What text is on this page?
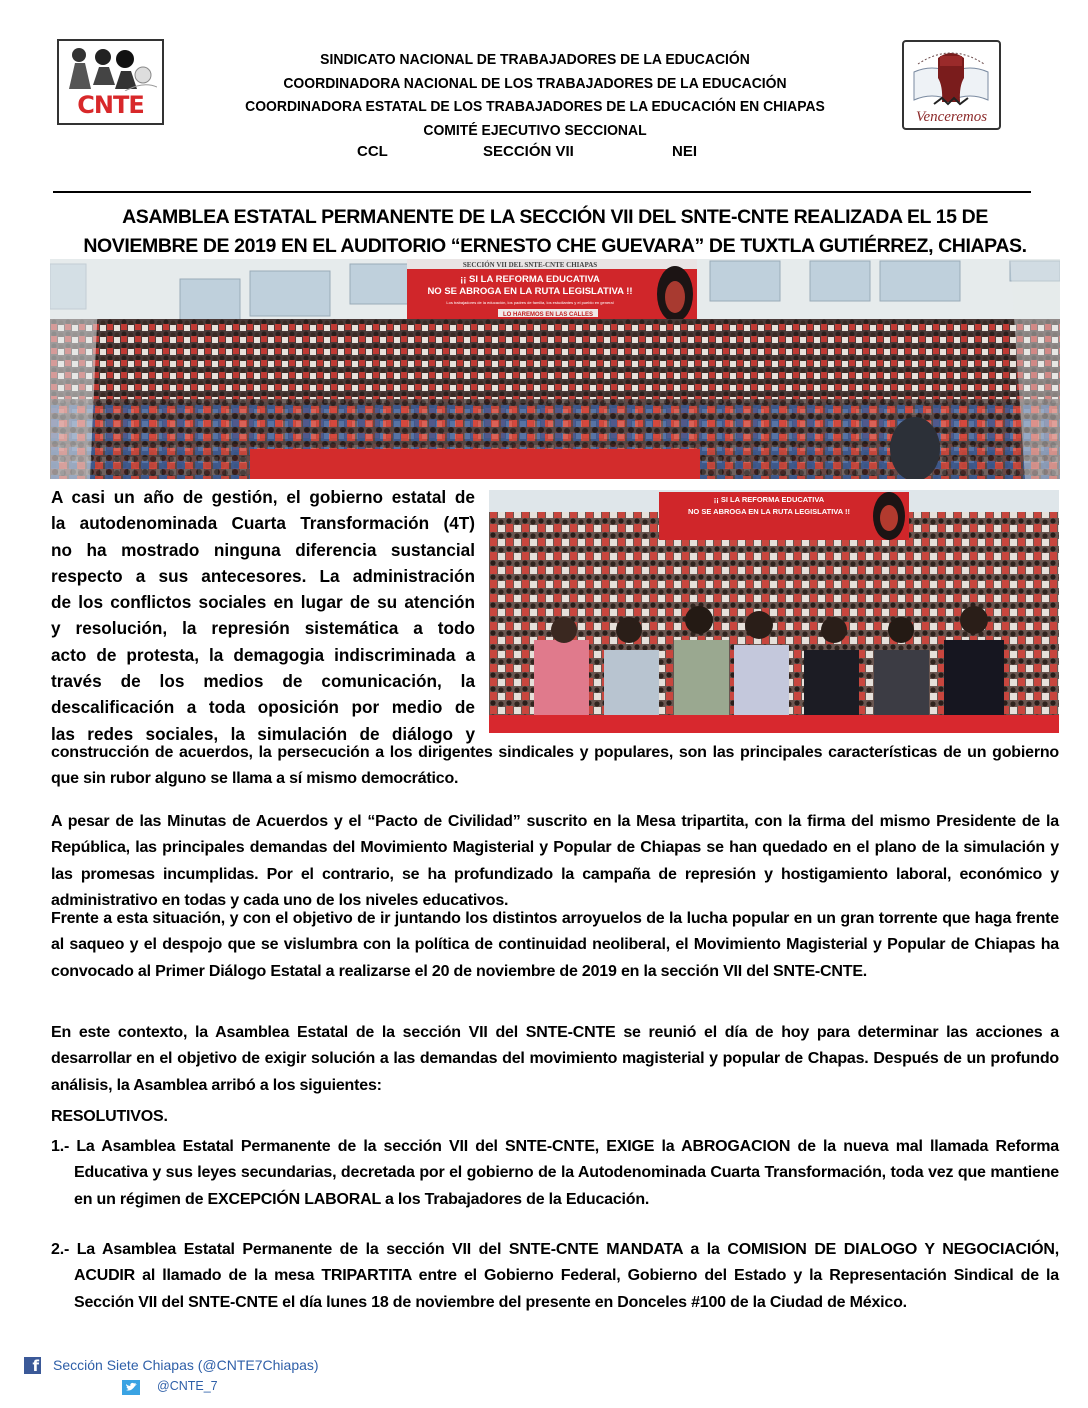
CNTE
SINDICATO NACIONAL DE TRABAJADORES DE LA EDUCACIÓN
COORDINADORA NACIONAL DE LOS TRABAJADORES DE LA EDUCACIÓN
COORDINADORA ESTATAL DE LOS TRABAJADORES DE LA EDUCACIÓN EN CHIAPAS
COMITÉ EJECUTIVO SECCIONAL
CCL	SECCIÓN VII	NEI
Venceremos
ASAMBLEA ESTATAL PERMANENTE DE LA SECCIÓN VII DEL SNTE-CNTE REALIZADA EL 15 DE
NOVIEMBRE DE 2019 EN EL AUDITORIO “ERNESTO CHE GUEVARA” DE TUXTLA GUTIÉRREZ, CHIAPAS.
SECCIÓN VII DEL SNTE-CNTE CHIAPAS
¡¡ SI LA REFORMA EDUCATIVA
NO SE ABROGA EN LA RUTA LEGISLATIVA !!
Los trabajadores de la educación, los padres de familia, los estudiantes y el pueblo en general
LO HAREMOS EN LAS CALLES
A casi un año de gestión, el gobierno estatal de
la autodenominada Cuarta Transformación (4T)
no ha mostrado ninguna diferencia sustancial
respecto a sus antecesores. La administración
de los conflictos sociales en lugar de su atención
y resolución, la represión sistemática a todo
acto de protesta, la demagogia indiscriminada a
través de los medios de comunicación, la
descalificación a toda oposición por medio de
las redes sociales, la simulación de diálogo y
¡¡ SI LA REFORMA EDUCATIVA
NO SE ABROGA EN LA RUTA LEGISLATIVA !!
construcción de acuerdos, la persecución a los dirigentes sindicales y populares, son las principales características de un gobierno que sin rubor alguno se llama a sí mismo democrático.
A pesar de las Minutas de Acuerdos y el “Pacto de Civilidad” suscrito en la Mesa tripartita, con la firma del mismo Presidente de la República, las principales demandas del Movimiento Magisterial y Popular de Chiapas se han quedado en el plano de la simulación y las promesas incumplidas. Por el contrario, se ha profundizado la campaña de represión y hostigamiento laboral, económico y administrativo en todas y cada uno de los niveles educativos.
Frente a esta situación, y con el objetivo de ir juntando los distintos arroyuelos de la lucha popular en un gran torrente que haga frente al saqueo y el despojo que se vislumbra con la política de continuidad neoliberal, el Movimiento Magisterial y Popular de Chiapas ha convocado al Primer Diálogo Estatal a realizarse el 20 de noviembre de 2019 en la sección VII del SNTE-CNTE.
En este contexto, la Asamblea Estatal de la sección VII del SNTE-CNTE se reunió el día de hoy para determinar las acciones a desarrollar en el objetivo de exigir solución a las demandas del movimiento magisterial y popular de Chapas. Después de un profundo análisis, la Asamblea arribó a los siguientes:
RESOLUTIVOS.
1.- La Asamblea Estatal Permanente de la sección VII del SNTE-CNTE, EXIGE la ABROGACION de la nueva mal llamada Reforma Educativa y sus leyes secundarias, decretada por el gobierno de la Autodenominada Cuarta Transformación, toda vez que mantiene en un régimen de EXCEPCIÓN LABORAL a los Trabajadores de la Educación.
2.- La Asamblea Estatal Permanente de la sección VII del SNTE-CNTE MANDATA a la COMISION DE DIALOGO Y NEGOCIACIÓN, ACUDIR al llamado de la mesa TRIPARTITA entre el Gobierno Federal, Gobierno del Estado y la Representación Sindical de la Sección VII del SNTE-CNTE el día lunes 18 de noviembre del presente en Donceles #100 de la Ciudad de México.
f Sección Siete Chiapas (@CNTE7Chiapas)
@CNTE_7
